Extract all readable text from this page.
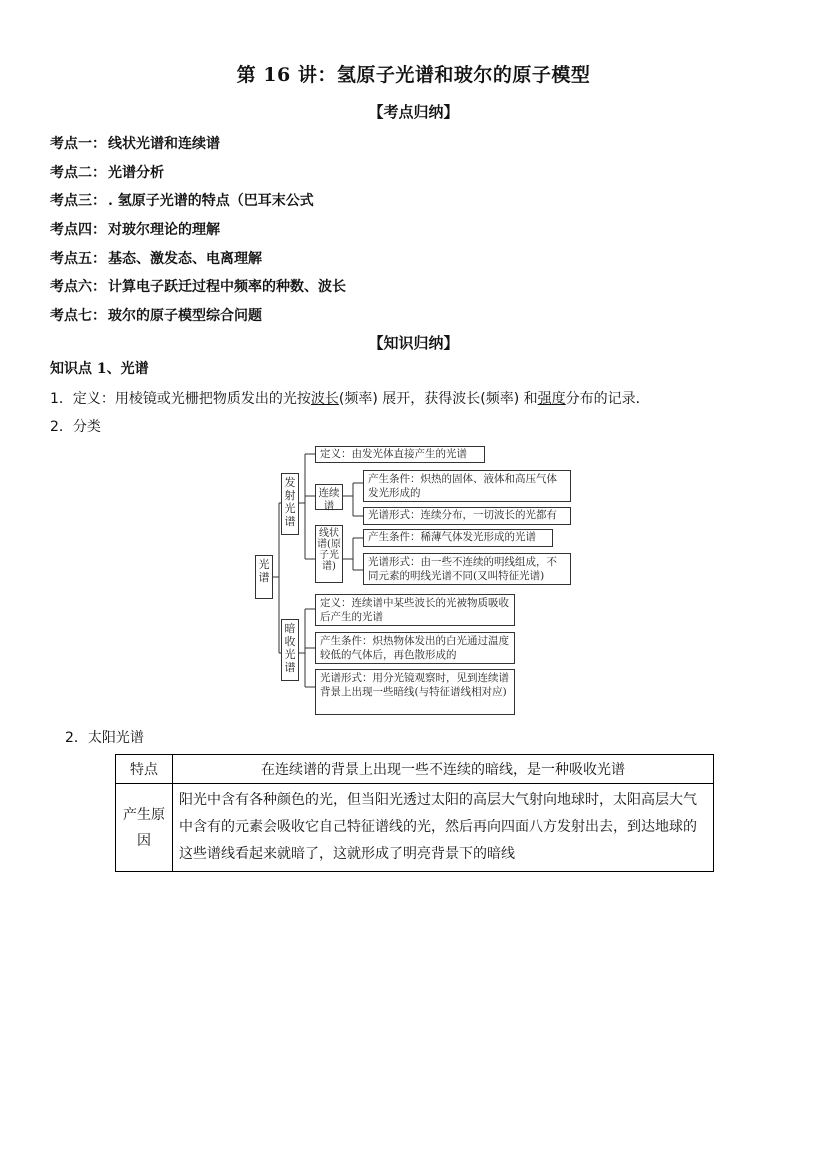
第 16 讲：氢原子光谱和玻尔的原子模型
【考点归纳】
考点一： 线状光谱和连续谱
考点二： 光谱分析
考点三： . 氢原子光谱的特点（巴耳末公式
考点四： 对玻尔理论的理解
考点五： 基态、激发态、电离理解
考点六： 计算电子跃迁过程中频率的种数、波长
考点七： 玻尔的原子模型综合问题
【知识归纳】
知识点 1、光谱
1．定义：用棱镜或光栅把物质发出的光按波长(频率) 展开，获得波长(频率) 和强度分布的记录．
2．分类
光谱
发射光谱
暗收光谱
定义：由发光体直接产生的光谱
连续谱
线状谱(原子光谱)
产生条件：炽热的固体、液体和高压气体发光形成的
光谱形式：连续分布，一切波长的光都有
产生条件：稀薄气体发光形成的光谱
光谱形式：由一些不连续的明线组成，不同元素的明线光谱不同(又叫特征光谱)
定义：连续谱中某些波长的光被物质吸收后产生的光谱
产生条件：炽热物体发出的白光通过温度较低的气体后，再色散形成的
光谱形式：用分光镜观察时，见到连续谱背景上出现一些暗线(与特征谱线相对应)
2．太阳光谱
特点	在连续谱的背景上出现一些不连续的暗线，是一种吸收光谱
产生原因	阳光中含有各种颜色的光，但当阳光透过太阳的高层大气射向地球时，太阳高层大气中含有的元素会吸收它自己特征谱线的光，然后再向四面八方发射出去，到达地球的这些谱线看起来就暗了，这就形成了明亮背景下的暗线
